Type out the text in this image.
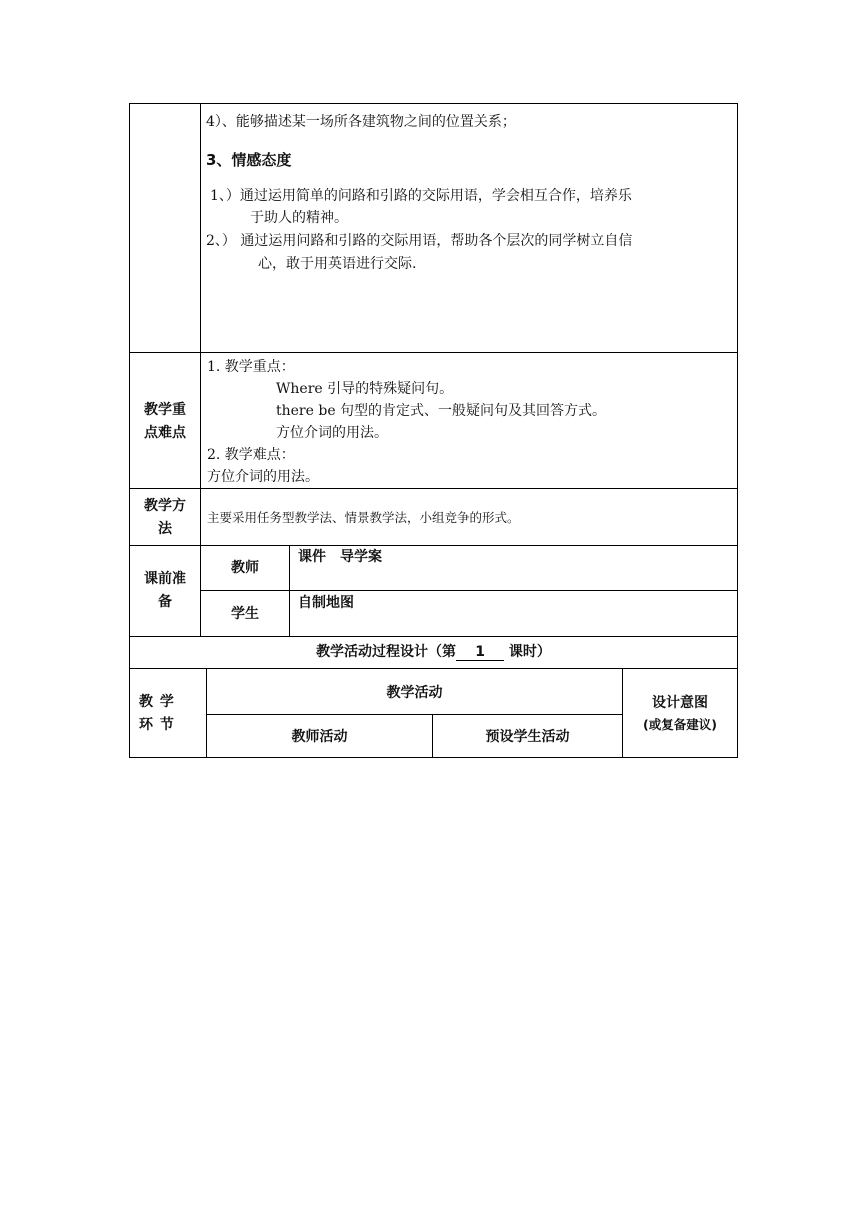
4）、能够描述某一场所各建筑物之间的位置关系；
3、情感态度
1、）通过运用简单的问路和引路的交际用语，学会相互合作，培养乐
于助人的精神。
2、） 通过运用问路和引路的交际用语，帮助各个层次的同学树立自信
心，敢于用英语进行交际.
教学重
点难点
1. 教学重点：
Where 引导的特殊疑问句。
there be 句型的肯定式、一般疑问句及其回答方式。
方位介词的用法。
2. 教学难点：
方位介词的用法。
教学方
法
主要采用任务型教学法、情景教学法，小组竞争的形式。
课前准
备
教师
课件　导学案
学生
自制地图
教学活动过程设计（第 1 课时）
教 学
环 节
教学活动
教师活动	预设学生活动
设计意图
(或复备建议)
